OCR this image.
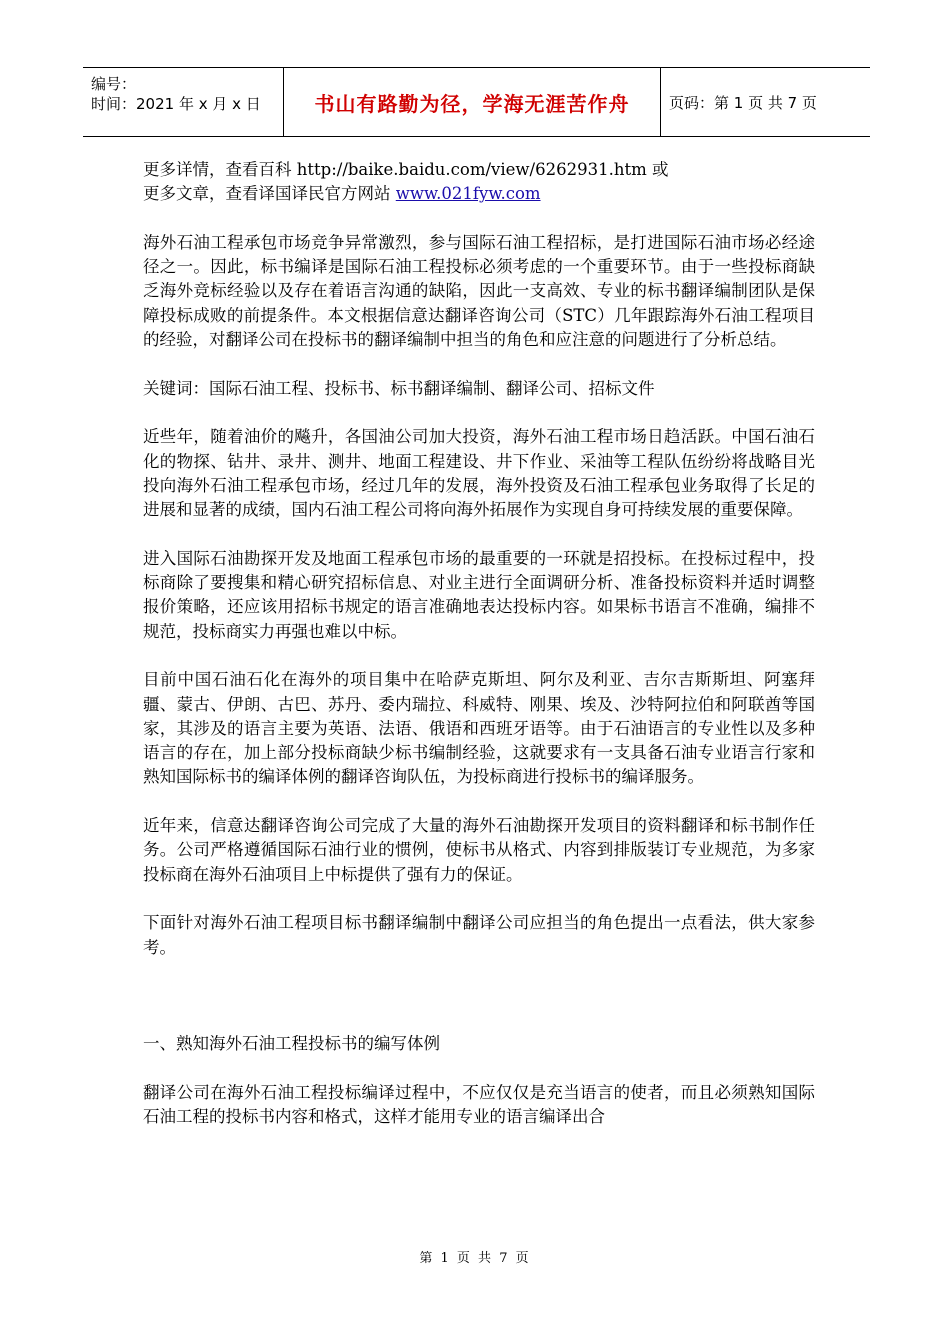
编号：
时间：2021 年 x 月 x 日	书山有路勤为径，学海无涯苦作舟	页码：第 1 页 共 7 页

更多详情，查看百科 http://baike.baidu.com/view/6262931.htm 或

更多文章，查看译国译民官方网站 www.021fyw.com

海外石油工程承包市场竞争异常激烈，参与国际石油工程招标，是打进国际石油市场必经途径之一。因此，标书编译是国际石油工程投标必须考虑的一个重要环节。由于一些投标商缺乏海外竞标经验以及存在着语言沟通的缺陷，因此一支高效、专业的标书翻译编制团队是保障投标成败的前提条件。本文根据信意达翻译咨询公司（STC）几年跟踪海外石油工程项目的经验，对翻译公司在投标书的翻译编制中担当的角色和应注意的问题进行了分析总结。

关键词：国际石油工程、投标书、标书翻译编制、翻译公司、招标文件

近些年，随着油价的飚升，各国油公司加大投资，海外石油工程市场日趋活跃。中国石油石化的物探、钻井、录井、测井、地面工程建设、井下作业、采油等工程队伍纷纷将战略目光投向海外石油工程承包市场，经过几年的发展，海外投资及石油工程承包业务取得了长足的进展和显著的成绩，国内石油工程公司将向海外拓展作为实现自身可持续发展的重要保障。

进入国际石油勘探开发及地面工程承包市场的最重要的一环就是招投标。在投标过程中，投标商除了要搜集和精心研究招标信息、对业主进行全面调研分析、准备投标资料并适时调整报价策略，还应该用招标书规定的语言准确地表达投标内容。如果标书语言不准确，编排不规范，投标商实力再强也难以中标。

目前中国石油石化在海外的项目集中在哈萨克斯坦、阿尔及利亚、吉尔吉斯斯坦、阿塞拜疆、蒙古、伊朗、古巴、苏丹、委内瑞拉、科威特、刚果、埃及、沙特阿拉伯和阿联酋等国家，其涉及的语言主要为英语、法语、俄语和西班牙语等。由于石油语言的专业性以及多种语言的存在，加上部分投标商缺少标书编制经验，这就要求有一支具备石油专业语言行家和熟知国际标书的编译体例的翻译咨询队伍，为投标商进行投标书的编译服务。

近年来，信意达翻译咨询公司完成了大量的海外石油勘探开发项目的资料翻译和标书制作任务。公司严格遵循国际石油行业的惯例，使标书从格式、内容到排版装订专业规范，为多家投标商在海外石油项目上中标提供了强有力的保证。

下面针对海外石油工程项目标书翻译编制中翻译公司应担当的角色提出一点看法，供大家参考。

一、熟知海外石油工程投标书的编写体例

翻译公司在海外石油工程投标编译过程中，不应仅仅是充当语言的使者，而且必须熟知国际石油工程的投标书内容和格式，这样才能用专业的语言编译出合

第 1 页 共 7 页
